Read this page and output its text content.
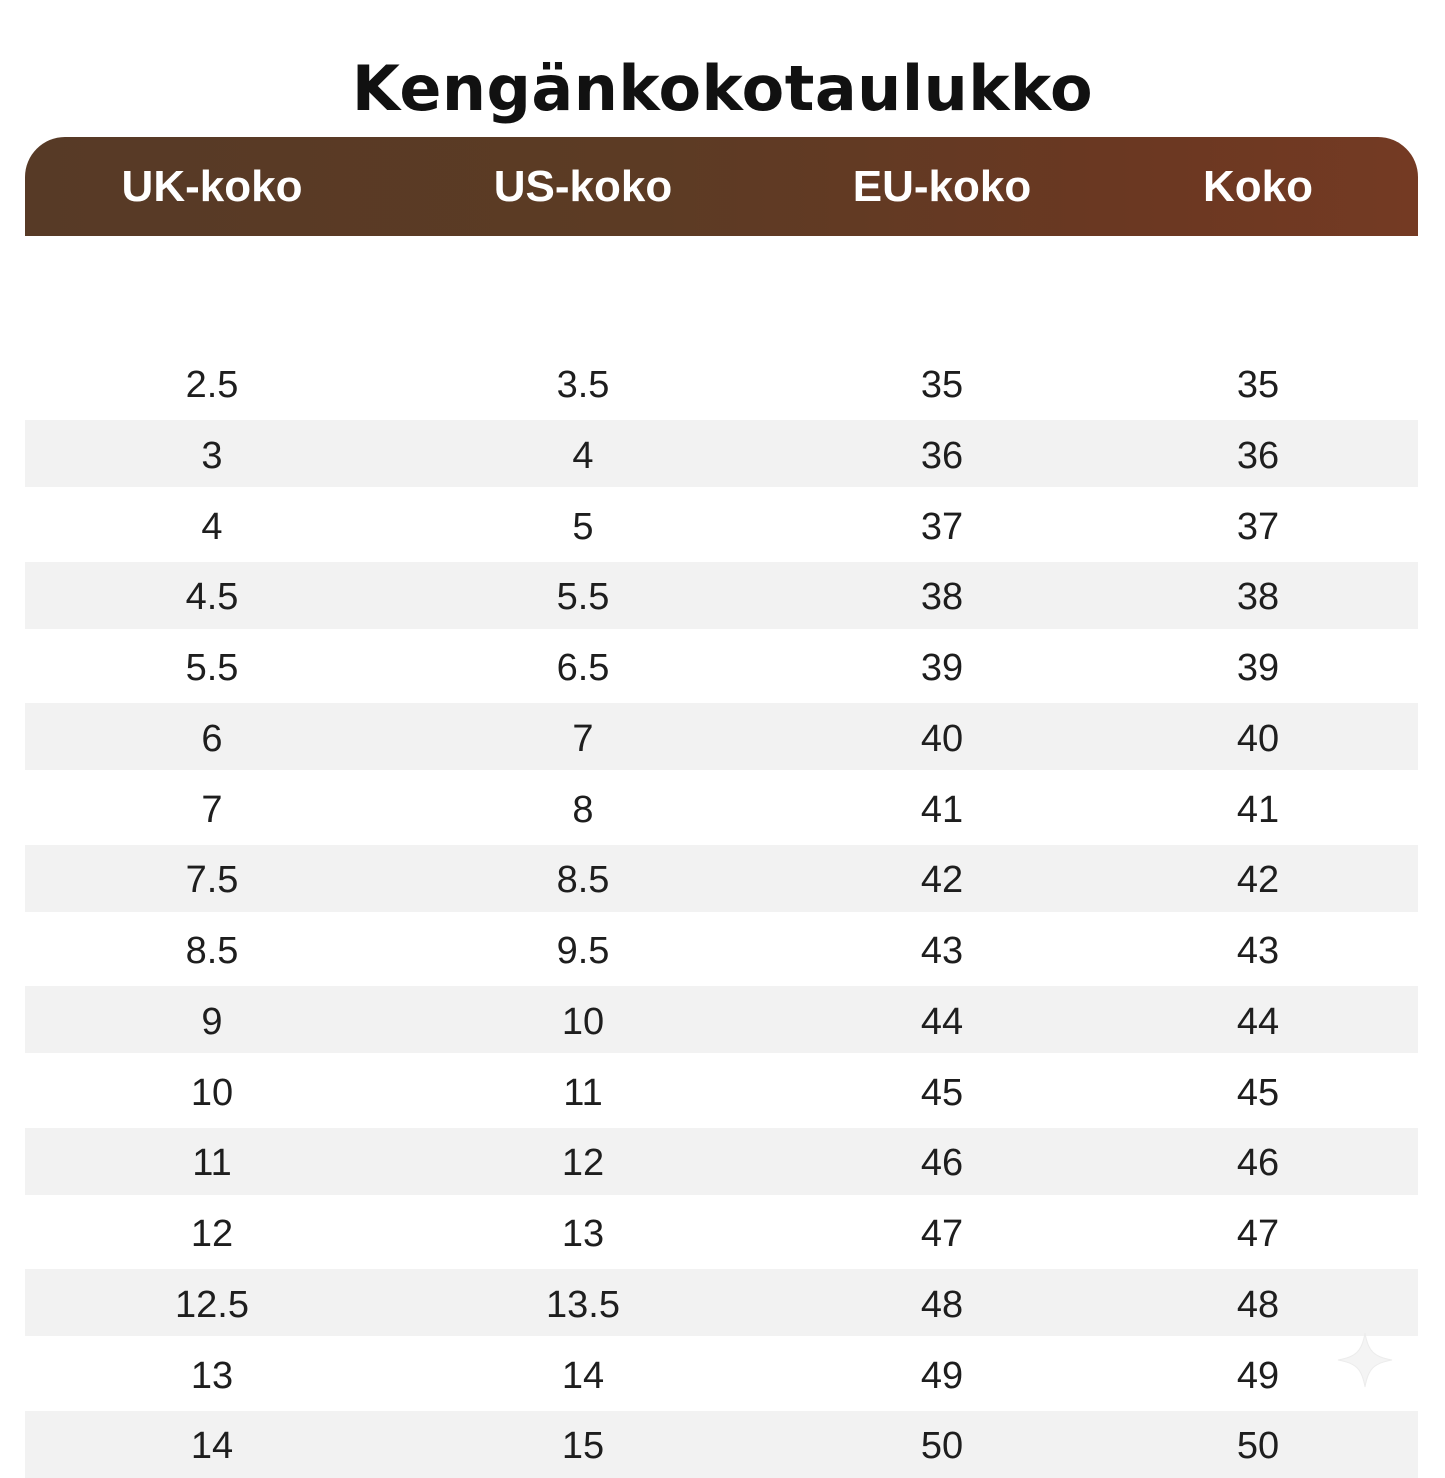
Kengänkokotaulukko
UK-koko	US-koko	EU-koko	Koko
2.5	3.5	35	35
3	4	36	36
4	5	37	37
4.5	5.5	38	38
5.5	6.5	39	39
6	7	40	40
7	8	41	41
7.5	8.5	42	42
8.5	9.5	43	43
9	10	44	44
10	11	45	45
11	12	46	46
12	13	47	47
12.5	13.5	48	48
13	14	49	49
14	15	50	50
